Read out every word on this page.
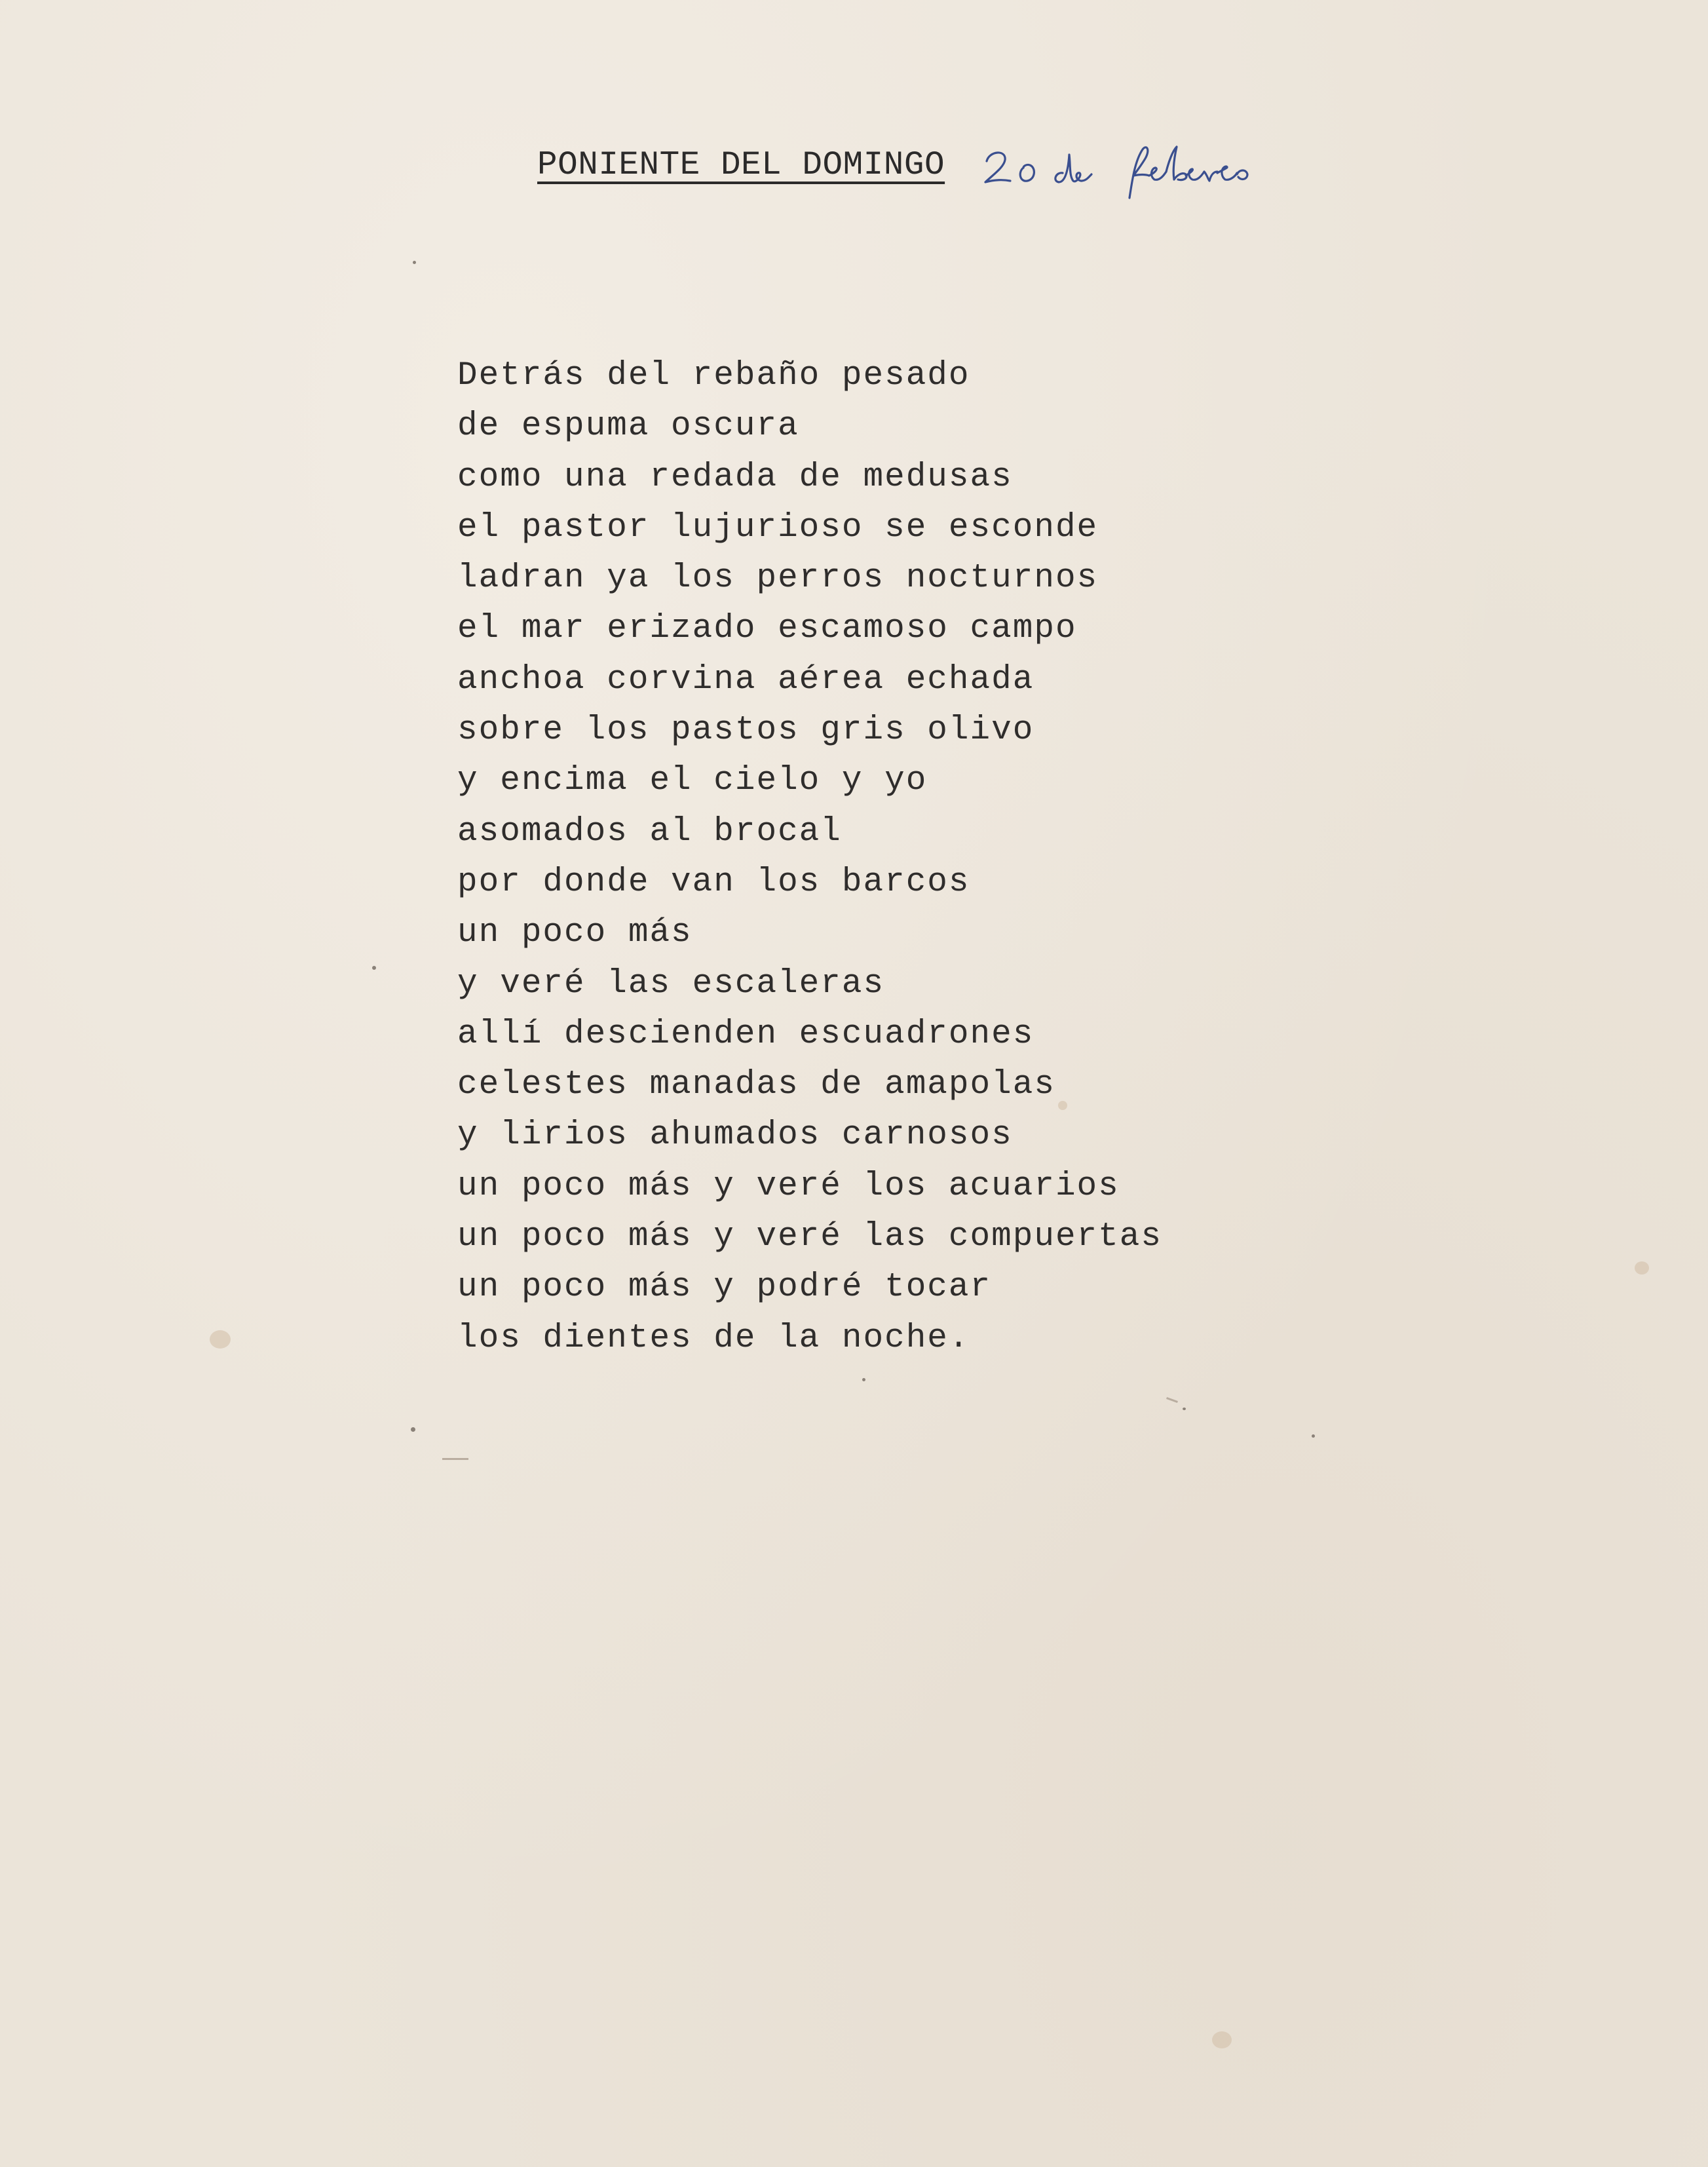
PONIENTE DEL DOMINGO
Detrás del rebaño pesado
de espuma oscura
como una redada de medusas
el pastor lujurioso se esconde
ladran ya los perros nocturnos
el mar erizado escamoso campo
anchoa corvina aérea echada
sobre los pastos gris olivo
y encima el cielo y yo
asomados al brocal
por donde van los barcos
un poco más
y veré las escaleras
allí descienden escuadrones
celestes manadas de amapolas
y lirios ahumados carnosos
un poco más y veré los acuarios
un poco más y veré las compuertas
un poco más y podré tocar
los dientes de la noche.
